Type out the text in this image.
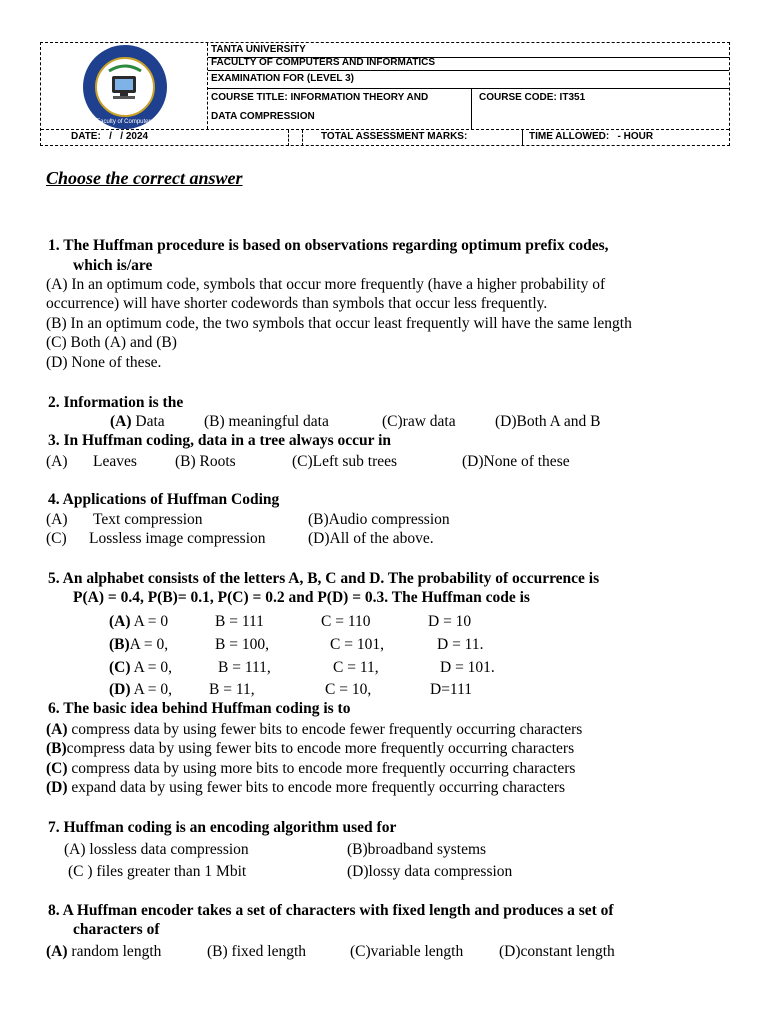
Faculty of Computers
TANTA UNIVERSITY
FACULTY OF COMPUTERS AND INFORMATICS
EXAMINATION FOR (LEVEL 3)
COURSE TITLE: INFORMATION THEORY AND
DATA COMPRESSION
COURSE CODE: IT351
DATE:   /   / 2024	TOTAL ASSESSMENT MARKS:	TIME ALLOWED:   - HOUR
Choose the correct answer
1. The Huffman procedure is based on observations regarding optimum prefix codes,
which is/are
(A) In an optimum code, symbols that occur more frequently (have a higher probability of
occurrence) will have shorter codewords than symbols that occur less frequently.
(B) In an optimum code, the two symbols that occur least frequently will have the same length
(C) Both (A) and (B)
(D) None of these.
2. Information is the
(A) Data	(B) meaningful data	(C)raw data	(D)Both A and B
3. In Huffman coding, data in a tree always occur in
(A) Leaves (B) Roots	(C)Left sub trees	(D)None of these
4. Applications of Huffman Coding
(A) Text compression	(B)Audio compression
(C) Lossless image compression	(D)All of the above.
5. An alphabet consists of the letters A, B, C and D. The probability of occurrence is
P(A) = 0.4, P(B)= 0.1, P(C) = 0.2 and P(D) = 0.3. The Huffman code is
(A) A = 0	B = 111	C = 110	D = 10
(B)A = 0,	B = 100,	C = 101,	D = 11.
(C) A = 0,	B = 111,	C = 11,	D = 101.
(D) A = 0, B = 11,	C = 10,	D=111
6. The basic idea behind Huffman coding is to
(A) compress data by using fewer bits to encode fewer frequently occurring characters
(B)compress data by using fewer bits to encode more frequently occurring characters
(C) compress data by using more bits to encode more frequently occurring characters
(D) expand data by using fewer bits to encode more frequently occurring characters
7. Huffman coding is an encoding algorithm used for
(A) lossless data compression	(B)broadband systems
(C ) files greater than 1 Mbit	(D)lossy data compression
8. A Huffman encoder takes a set of characters with fixed length and produces a set of
characters of
(A) random length	(B) fixed length	(C)variable length (D)constant length
